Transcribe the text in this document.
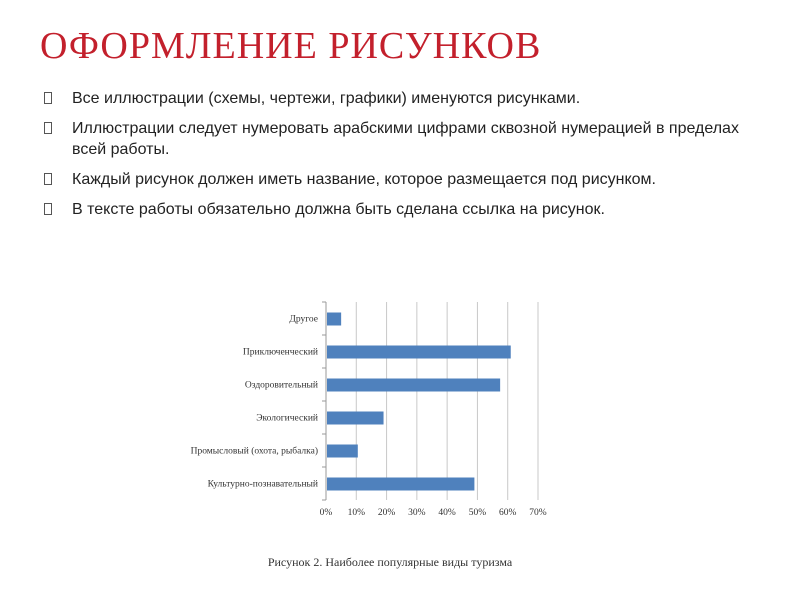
ОФОРМЛЕНИЕ РИСУНКОВ
Все иллюстрации (схемы, чертежи, графики) именуются рисунками.
Иллюстрации следует нумеровать арабскими цифрами сквозной нумерацией в пределах всей работы.
Каждый рисунок должен иметь название, которое размещается под рисунком.
В тексте работы обязательно должна быть сделана ссылка на рисунок.
0% 10% 20% 30% 40% 50% 60% 70%
Другое
Приключенческий
Оздоровительный
Экологический
Промысловый (охота, рыбалка)
Культурно-познавательный
Рисунок 2. Наиболее популярные виды туризма
